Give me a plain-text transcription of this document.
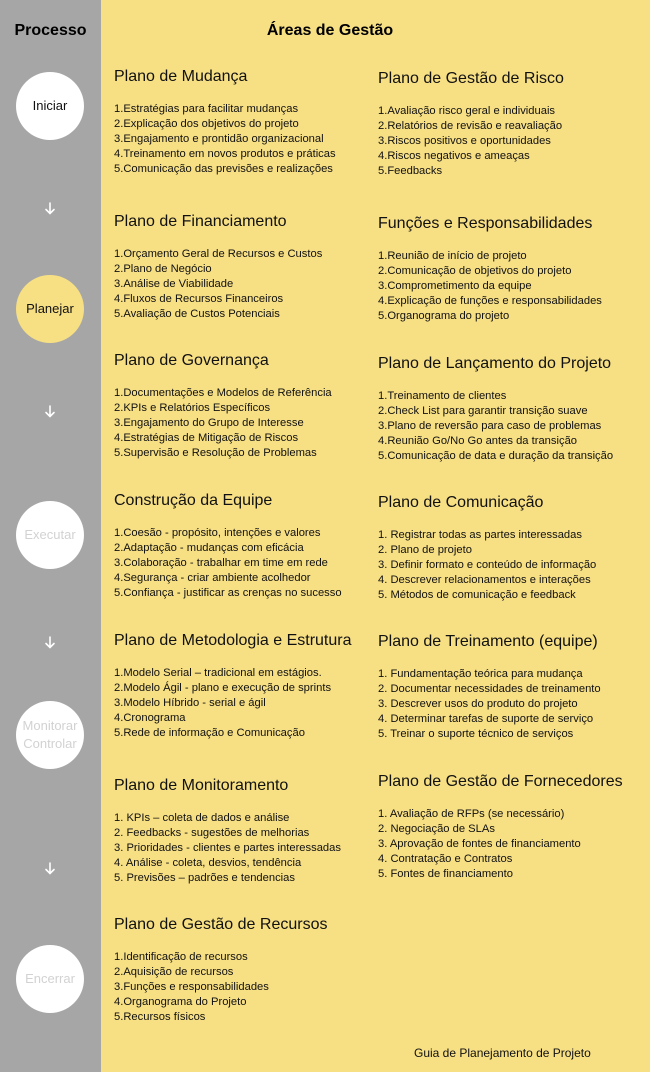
Processo	Áreas de Gestão
Iniciar
Planejar
Executar
Monitorar
Controlar
Encerrar
Plano de Mudança
1.Estratégias para facilitar mudanças
2.Explicação dos objetivos do projeto
3.Engajamento e prontidão organizacional
4.Treinamento em novos produtos e práticas
5.Comunicação das previsões e realizações
Plano de Financiamento
1.Orçamento Geral de Recursos e Custos
2.Plano de Negócio
3.Análise de Viabilidade
4.Fluxos de Recursos Financeiros
5.Avaliação de Custos Potenciais
Plano de Governança
1.Documentações e Modelos de Referência
2.KPIs e Relatórios Específicos
3.Engajamento do Grupo de Interesse
4.Estratégias de Mitigação de Riscos
5.Supervisão e Resolução de Problemas
Construção da Equipe
1.Coesão - propósito, intenções e valores
2.Adaptação - mudanças com eficácia
3.Colaboração - trabalhar em time em rede
4.Segurança - criar ambiente acolhedor
5.Confiança - justificar as crenças no sucesso
Plano de Metodologia e Estrutura
1.Modelo Serial – tradicional em estágios.
2.Modelo Ágil - plano e execução de sprints
3.Modelo Híbrido - serial e ágil
4.Cronograma
5.Rede de informação e Comunicação
Plano de Monitoramento
1. KPIs – coleta de dados e análise
2. Feedbacks - sugestões de melhorias
3. Prioridades - clientes e partes interessadas
4. Análise - coleta, desvios, tendência
5. Previsões – padrões e tendencias
Plano de Gestão de Recursos
1.Identificação de recursos
2.Aquisição de recursos
3.Funções e responsabilidades
4.Organograma do Projeto
5.Recursos físicos
Plano de Gestão de Risco
1.Avaliação risco geral e individuais
2.Relatórios de revisão e reavaliação
3.Riscos positivos e oportunidades
4.Riscos negativos e ameaças
5.Feedbacks
Funções e Responsabilidades
1.Reunião de início de projeto
2.Comunicação de objetivos do projeto
3.Comprometimento da equipe
4.Explicação de funções e responsabilidades
5.Organograma do projeto
Plano de Lançamento do Projeto
1.Treinamento de clientes
2.Check List para garantir transição suave
3.Plano de reversão para caso de problemas
4.Reunião Go/No Go antes da transição
5.Comunicação de data e duração da transição
Plano de Comunicação
1. Registrar todas as partes interessadas
2. Plano de projeto
3. Definir formato e conteúdo de informação
4. Descrever relacionamentos e interações
5. Métodos de comunicação e feedback
Plano de Treinamento (equipe)
1. Fundamentação teórica para mudança
2. Documentar necessidades de treinamento
3. Descrever usos do produto do projeto
4. Determinar tarefas de suporte de serviço
5. Treinar o suporte técnico de serviços
Plano de Gestão de Fornecedores
1. Avaliação de RFPs (se necessário)
2. Negociação de SLAs
3. Aprovação de fontes de financiamento
4. Contratação e Contratos
5. Fontes de financiamento
Guia de Planejamento de Projeto
